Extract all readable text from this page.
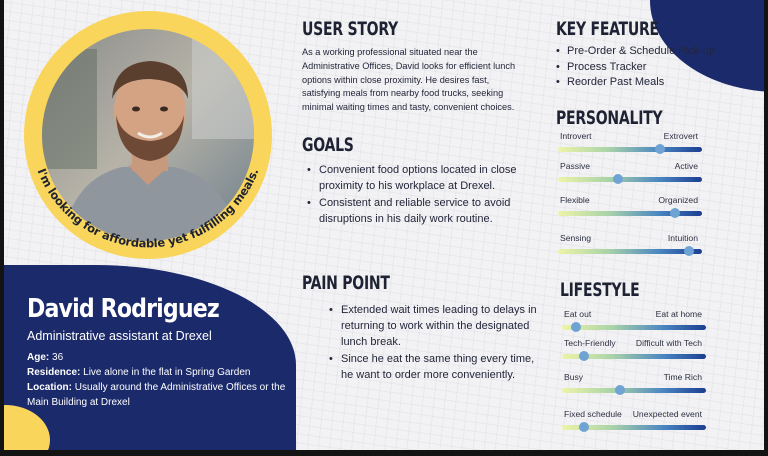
I'm looking for affordable yet fulfilling meals.
David Rodriguez
Administrative assistant at Drexel

Age: 36

Residence: Live alone in the flat in Spring Garden

Location: Usually around the Administrative Offices or the Main Building at Drexel

USER STORY
As a working professional situated near the Administrative Offices, David looks for efficient lunch options within close proximity. He desires fast, satisfying meals from nearby food trucks, seeking minimal waiting times and tasty, convenient choices.
GOALS
• Convenient food options located in close proximity to his workplace at Drexel.
• Consistent and reliable service to avoid disruptions in his daily work routine.
PAIN POINT
• Extended wait times leading to delays in returning to work within the designated lunch break.
• Since he eat the same thing every time, he want to order more conveniently.
KEY FEATURE
• Pre-Order & Schedule Pick-up
• Process Tracker
• Reorder Past Meals
PERSONALITY
Introvert	Extrovert
Passive	Active
Flexible	Organized
Sensing	Intuition
LIFESTYLE
Eat out	Eat at home
Tech-Friendly Difficult with Tech
Busy	Time Rich
Fixed schedule Unexpected event
